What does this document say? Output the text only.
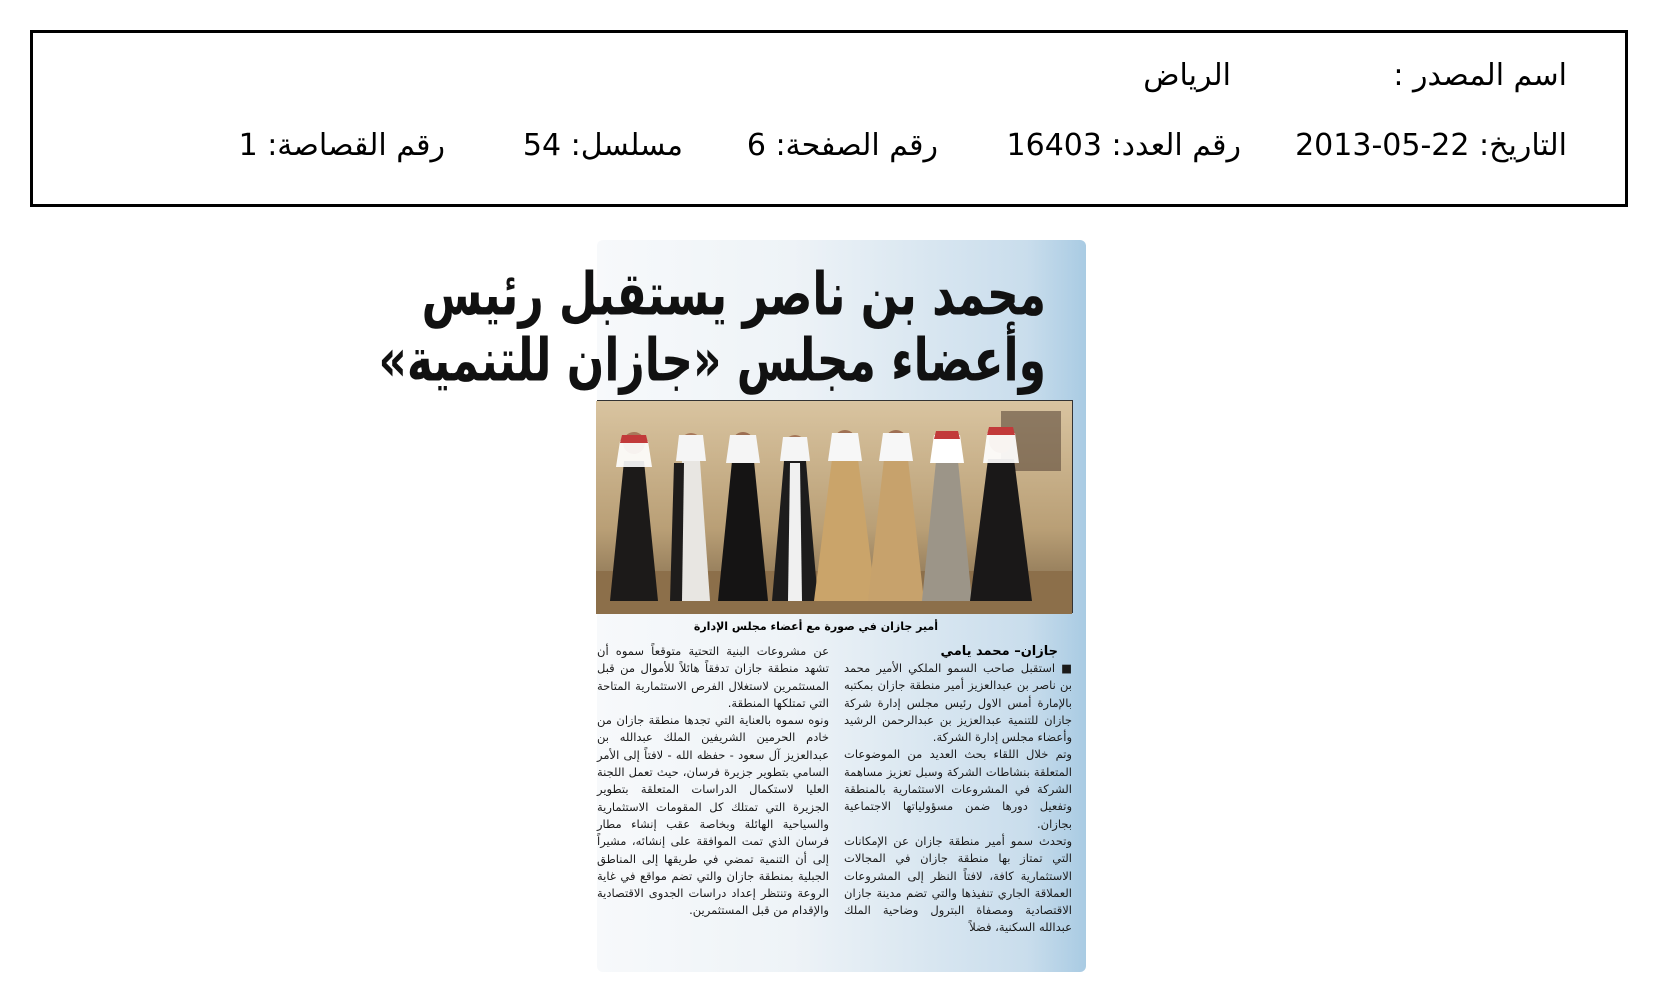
اسم المصدر :
الرياض
التاريخ: 22-05-2013
رقم العدد: 16403
رقم الصفحة: 6
مسلسل: 54
رقم القصاصة: 1
محمد بن ناصر يستقبل رئيس
وأعضاء مجلس «جازان للتنمية»
أمير جازان في صورة مع أعضاء مجلس الإدارة
جازان– محمد يامي

■ استقبل صاحب السمو الملكي الأمير محمد بن ناصر بن عبدالعزيز أمير منطقة جازان بمكتبه بالإمارة أمس الاول رئيس مجلس إدارة شركة جازان للتنمية عبدالعزيز بن عبدالرحمن الرشيد وأعضاء مجلس إدارة الشركة.

وتم خلال اللقاء بحث العديد من الموضوعات المتعلقة بنشاطات الشركة وسبل تعزيز مساهمة الشركة في المشروعات الاستثمارية بالمنطقة وتفعيل دورها ضمن مسؤولياتها الاجتماعية بجازان.

وتحدث سمو أمير منطقة جازان عن الإمكانات التي تمتاز بها منطقة جازان في المجالات الاستثمارية كافة، لافتاً النظر إلى المشروعات العملاقة الجاري تنفيذها والتي تضم مدينة جازان الاقتصادية ومصفاة البترول وضاحية الملك عبدالله السكنية، فضلاً

عن مشروعات البنية التحتية متوقعاً سموه أن تشهد منطقة جازان تدفقاً هائلاً للأموال من قبل المستثمرين لاستغلال الفرص الاستثمارية المتاحة التي تمتلكها المنطقة.

ونوه سموه بالعناية التي تجدها منطقة جازان من خادم الحرمين الشريفين الملك عبدالله بن عبدالعزيز آل سعود - حفظه الله - لافتاً إلى الأمر السامي بتطوير جزيرة فرسان، حيث تعمل اللجنة العليا لاستكمال الدراسات المتعلقة بتطوير الجزيرة التي تمتلك كل المقومات الاستثمارية والسياحية الهائلة وبخاصة عقب إنشاء مطار فرسان الذي تمت الموافقة على إنشائه، مشيراً إلى أن التنمية تمضي في طريقها إلى المناطق الجبلية بمنطقة جازان والتي تضم مواقع في غاية الروعة وتنتظر إعداد دراسات الجدوى الاقتصادية والإقدام من قبل المستثمرين.
